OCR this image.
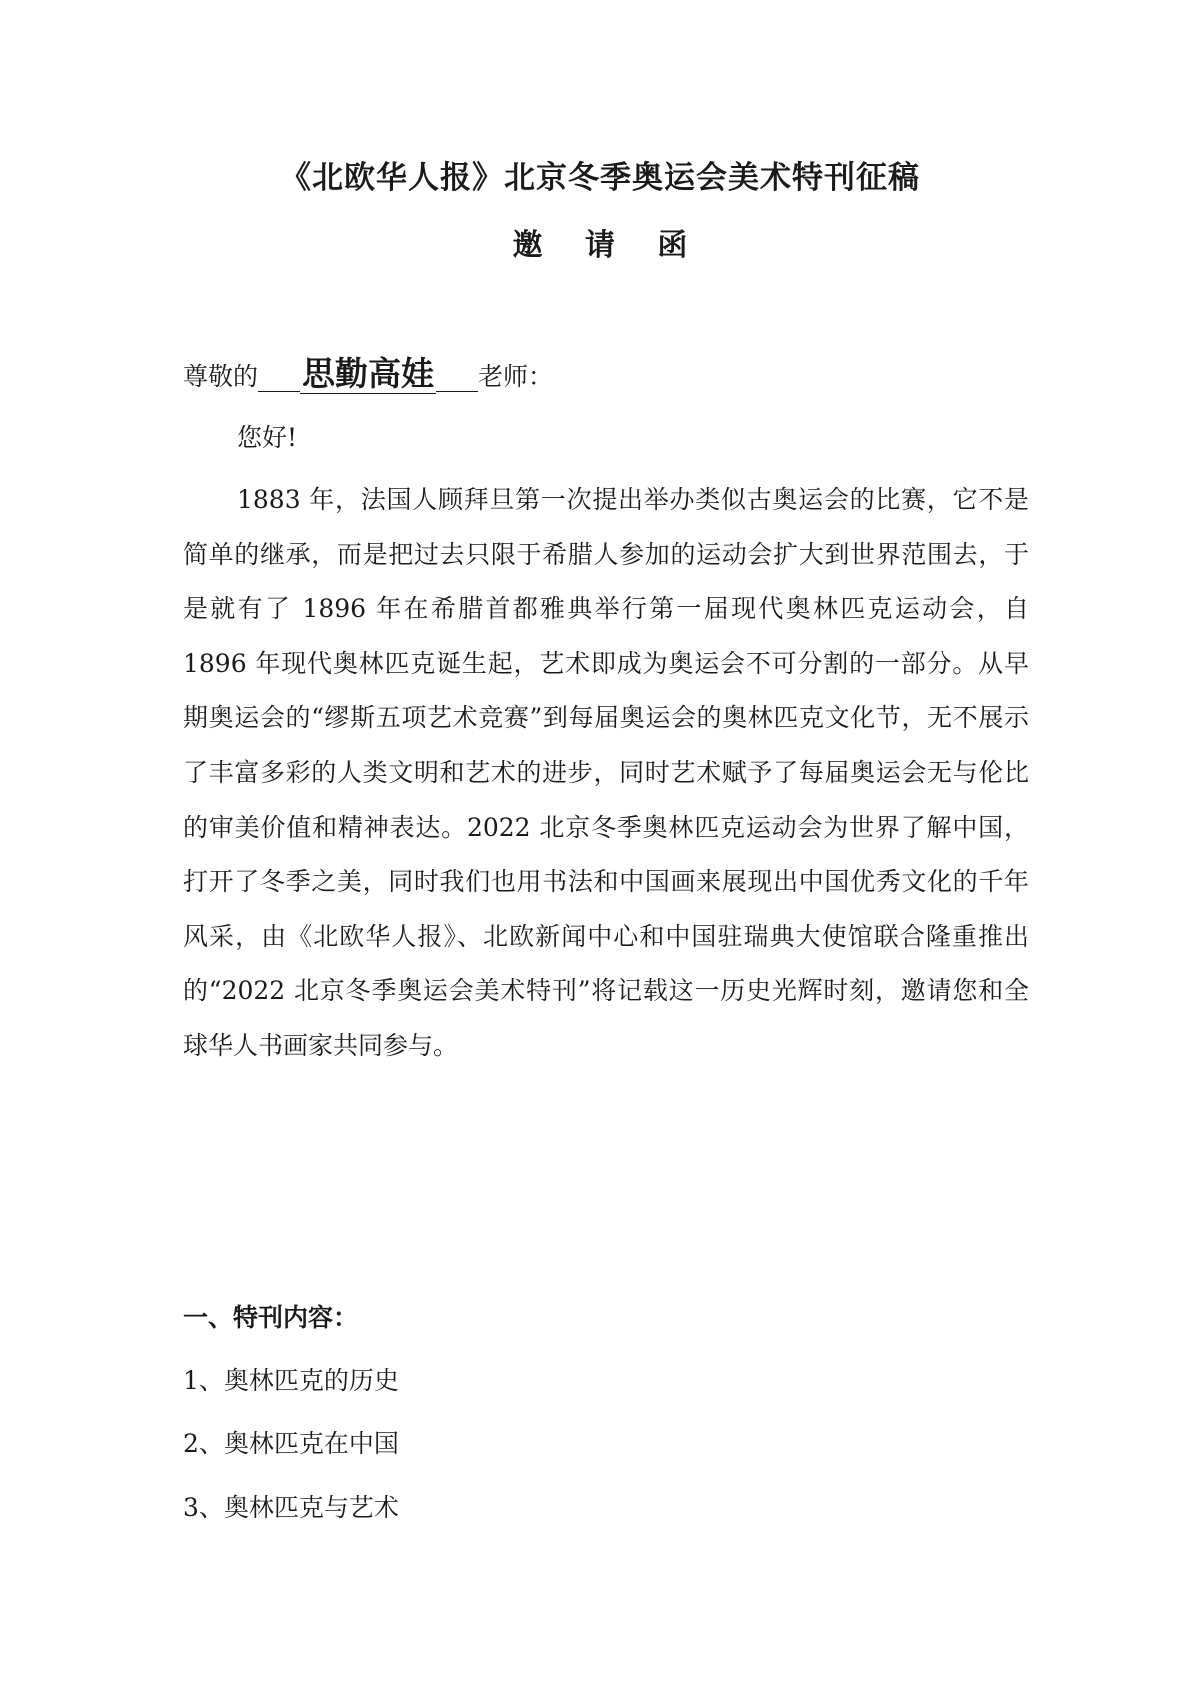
《北欧华人报》北京冬季奥运会美术特刊征稿
邀 请 函
尊敬的 思勤高娃 老师：
您好!

1883 年，法国人顾拜旦第一次提出举办类似古奥运会的比赛，它不是简单的继承，而是把过去只限于希腊人参加的运动会扩大到世界范围去，于是就有了 1896 年在希腊首都雅典举行第一届现代奥林匹克运动会，自 1896 年现代奥林匹克诞生起，艺术即成为奥运会不可分割的一部分。从早期奥运会的“缪斯五项艺术竞赛”到每届奥运会的奥林匹克文化节，无不展示了丰富多彩的人类文明和艺术的进步，同时艺术赋予了每届奥运会无与伦比的审美价值和精神表达。2022 北京冬季奥林匹克运动会为世界了解中国，打开了冬季之美，同时我们也用书法和中国画来展现出中国优秀文化的千年风采，由《北欧华人报》、北欧新闻中心和中国驻瑞典大使馆联合隆重推出的“2022 北京冬季奥运会美术特刊”将记载这一历史光辉时刻，邀请您和全球华人书画家共同参与。

一、特刊内容：
1、奥林匹克的历史
2、奥林匹克在中国
3、奥林匹克与艺术
